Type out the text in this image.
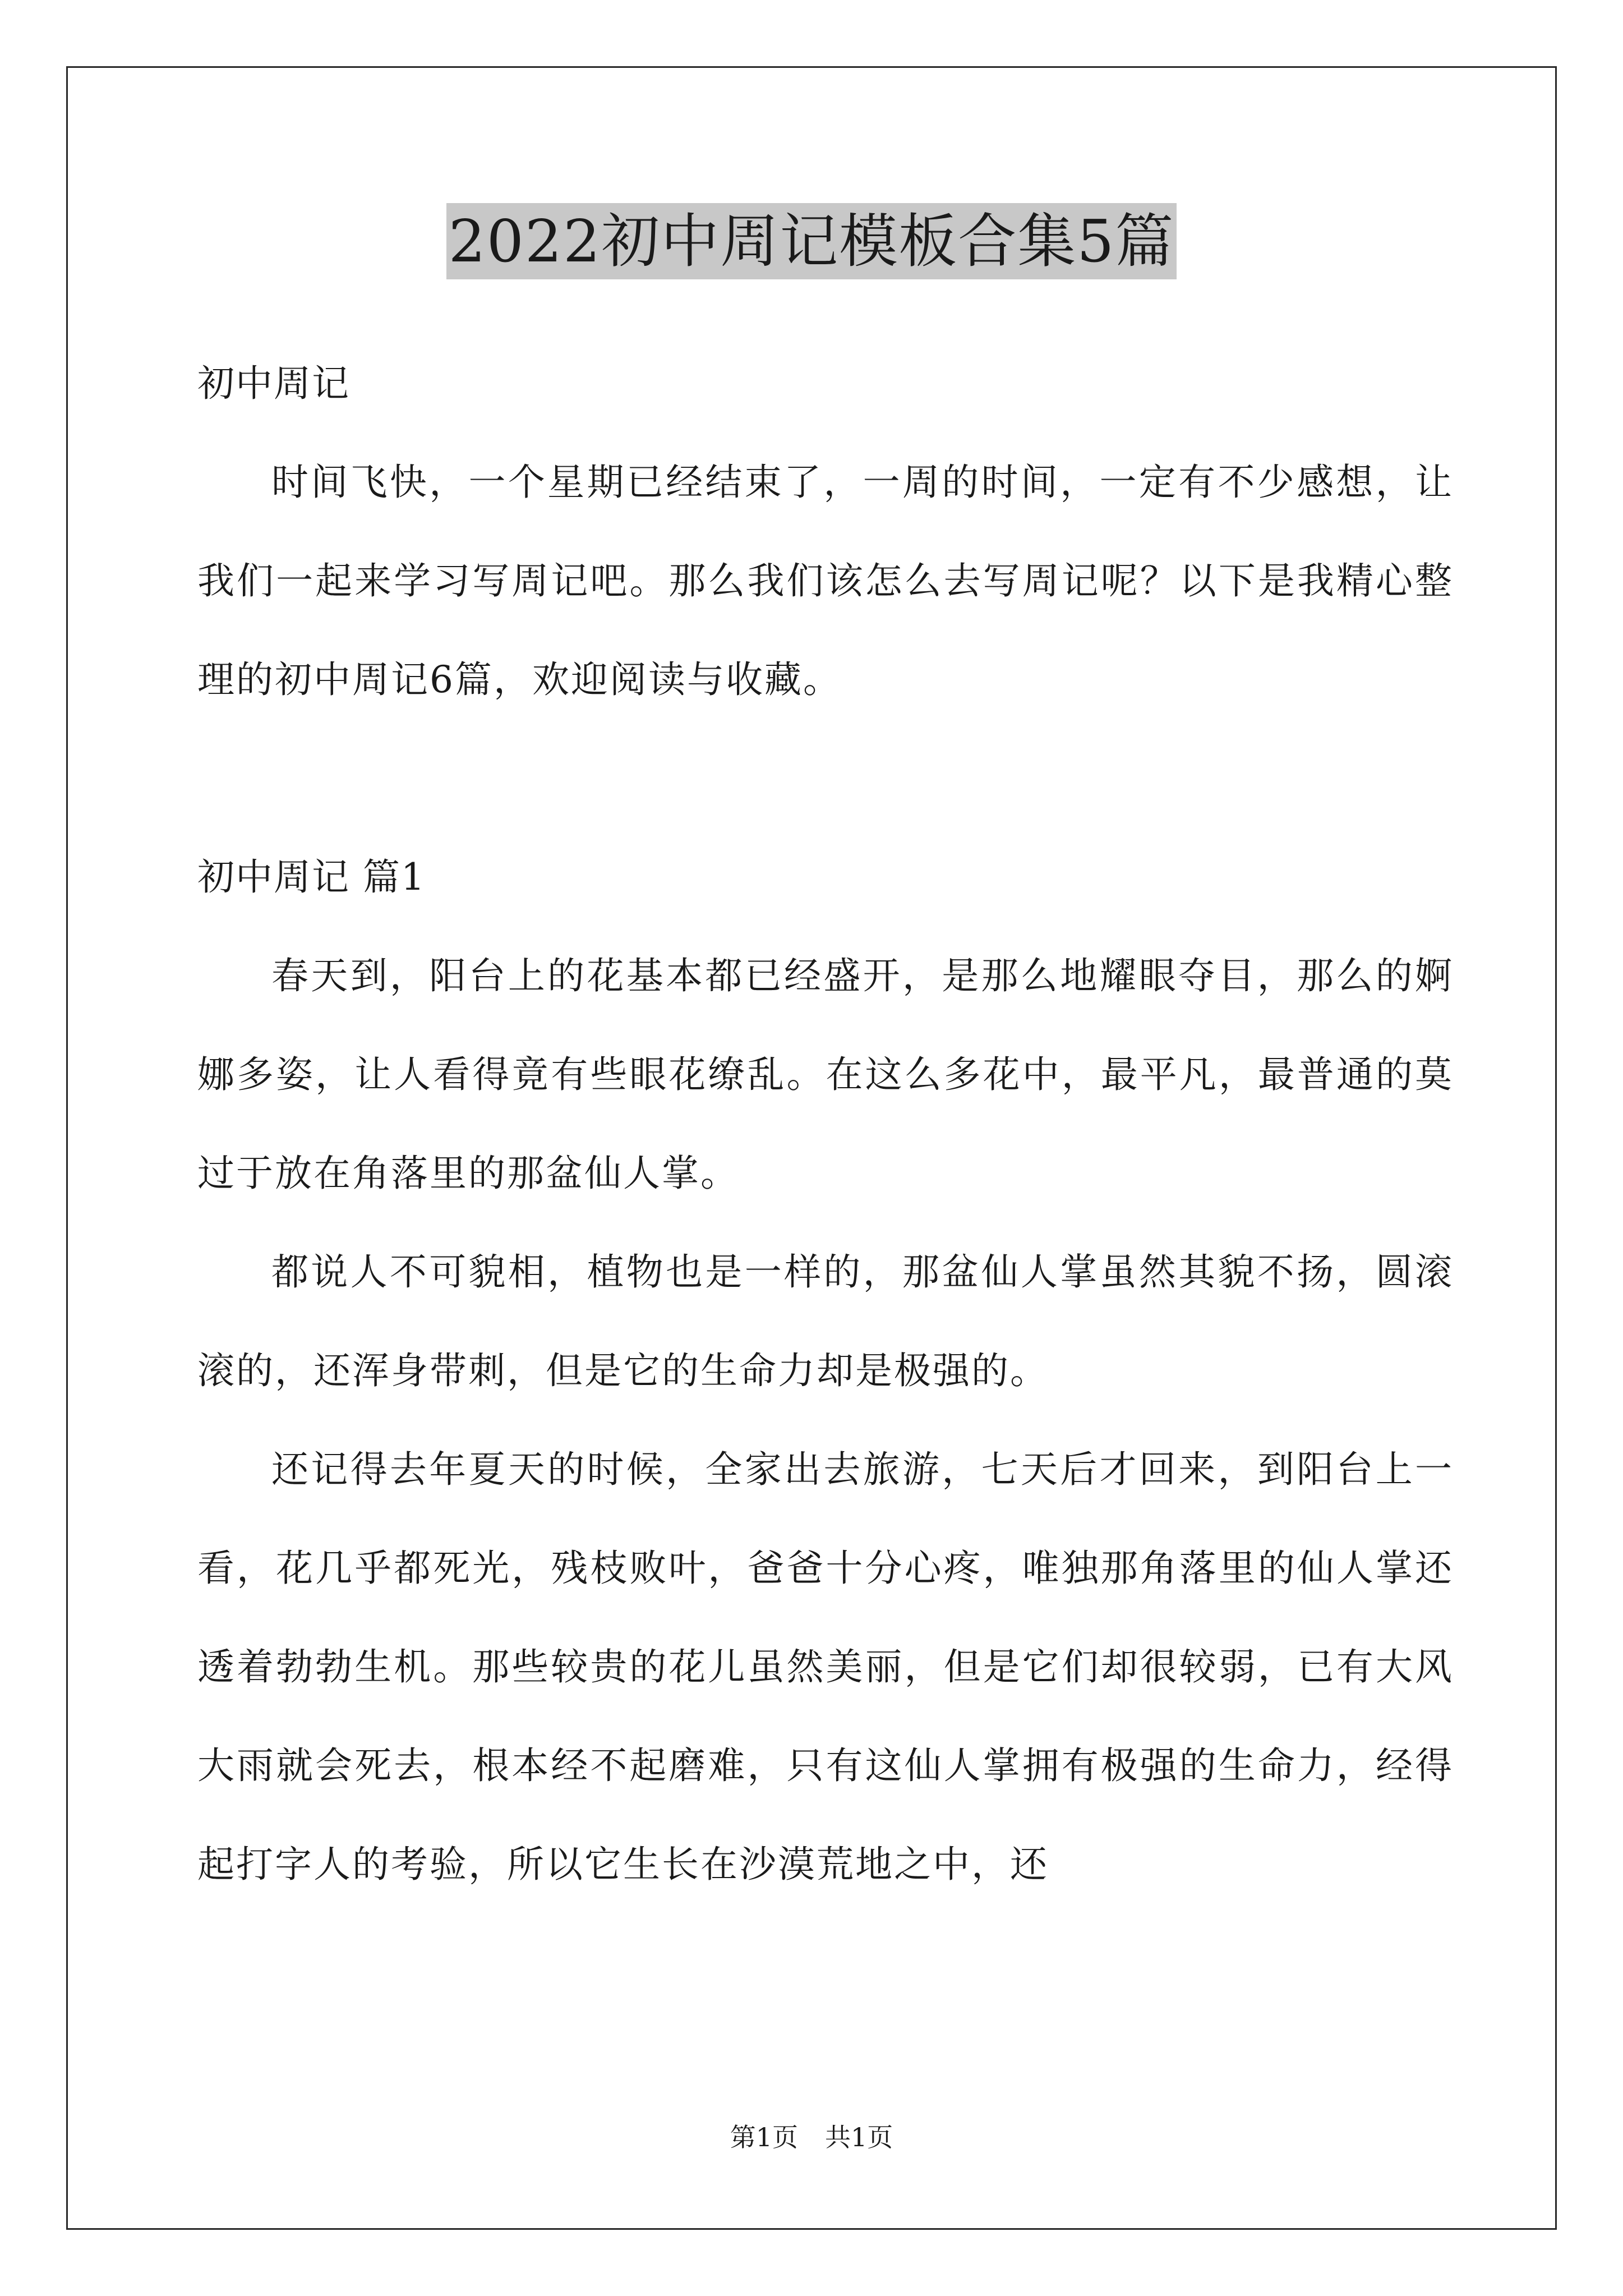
2022初中周记模板合集5篇

初中周记

时间飞快，一个星期已经结束了，一周的时间，一定有不少感想，让我们一起来学习写周记吧。那么我们该怎么去写周记呢？以下是我精心整理的初中周记6篇，欢迎阅读与收藏。

初中周记 篇1

春天到，阳台上的花基本都已经盛开，是那么地耀眼夺目，那么的婀娜多姿，让人看得竟有些眼花缭乱。在这么多花中，最平凡，最普通的莫过于放在角落里的那盆仙人掌。

都说人不可貌相，植物也是一样的，那盆仙人掌虽然其貌不扬，圆滚滚的，还浑身带刺，但是它的生命力却是极强的。

还记得去年夏天的时候，全家出去旅游，七天后才回来，到阳台上一看，花几乎都死光，残枝败叶，爸爸十分心疼，唯独那角落里的仙人掌还透着勃勃生机。那些较贵的花儿虽然美丽，但是它们却很较弱，已有大风大雨就会死去，根本经不起磨难，只有这仙人掌拥有极强的生命力，经得起打字人的考验，所以它生长在沙漠荒地之中，还

第1页 共1页
